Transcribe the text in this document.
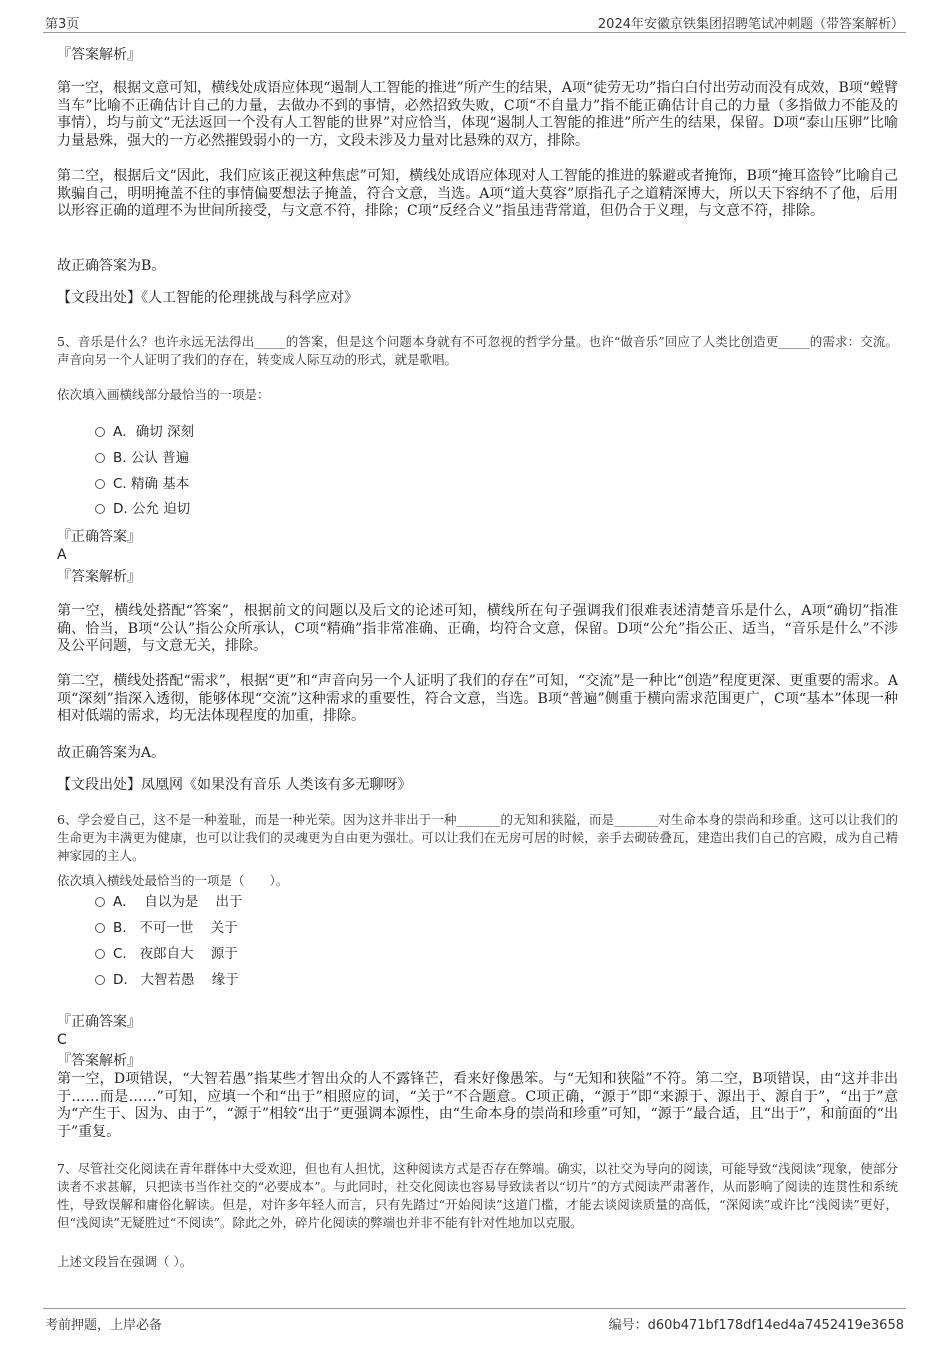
第3页	2024年安徽京铁集团招聘笔试冲刺题（带答案解析）
『答案解析』

第一空，根据文意可知，横线处成语应体现“遏制人工智能的推进”所产生的结果，A项“徒劳无功”指白白付出劳动而没有成效，B项“螳臂当车”比喻不正确估计自己的力量，去做办不到的事情，必然招致失败，C项“不自量力”指不能正确估计自己的力量（多指做力不能及的事情），均与前文“无法返回一个没有人工智能的世界”对应恰当，体现“遏制人工智能的推进”所产生的结果，保留。D项“泰山压卵”比喻力量悬殊，强大的一方必然摧毁弱小的一方，文段未涉及力量对比悬殊的双方，排除。

第二空，根据后文“因此，我们应该正视这种焦虑”可知，横线处成语应体现对人工智能的推进的躲避或者掩饰，B项“掩耳盗铃”比喻自己欺骗自己，明明掩盖不住的事情偏要想法子掩盖，符合文意，当选。A项“道大莫容”原指孔子之道精深博大，所以天下容纳不了他，后用以形容正确的道理不为世间所接受，与文意不符，排除；C项“反经合义”指虽违背常道，但仍合于义理，与文意不符，排除。

故正确答案为B。
【文段出处】《人工智能的伦理挑战与科学应对》

5、音乐是什么？也许永远无法得出_____的答案，但是这个问题本身就有不可忽视的哲学分量。也许“做音乐”回应了人类比创造更_____的需求：交流。声音向另一个人证明了我们的存在，转变成人际互动的形式，就是歌唱。

依次填入画横线部分最恰当的一项是：
A．确切 深刻
B. 公认 普遍
C. 精确 基本
D. 公允 迫切
『正确答案』
A
『答案解析』

第一空，横线处搭配“答案”，根据前文的问题以及后文的论述可知，横线所在句子强调我们很难表述清楚音乐是什么，A项“确切”指准确、恰当，B项“公认”指公众所承认，C项“精确”指非常准确、正确，均符合文意，保留。D项“公允”指公正、适当，“音乐是什么”不涉及公平问题，与文意无关，排除。

第二空，横线处搭配“需求”，根据“更”和“声音向另一个人证明了我们的存在”可知，“交流”是一种比“创造”程度更深、更重要的需求。A项“深刻”指深入透彻，能够体现“交流”这种需求的重要性，符合文意，当选。B项“普遍”侧重于横向需求范围更广，C项“基本”体现一种相对低端的需求，均无法体现程度的加重，排除。

故正确答案为A。
【文段出处】凤凰网《如果没有音乐 人类该有多无聊呀》

6、学会爱自己，这不是一种羞耻，而是一种光荣。因为这并非出于一种_______的无知和狭隘，而是_______对生命本身的崇尚和珍重。这可以让我们的生命更为丰满更为健康，也可以让我们的灵魂更为自由更为强壮。可以让我们在无房可居的时候，亲手去砌砖叠瓦，建造出我们自己的宫殿，成为自己精神家园的主人。

依次填入横线处最恰当的一项是（　　）。
A．  自以为是    出于
B.   不可一世    关于
C.   夜郎自大    源于
D.   大智若愚    缘于
『正确答案』
C
『答案解析』

第一空，D项错误，“大智若愚”指某些才智出众的人不露锋芒，看来好像愚笨。与“无知和狭隘”不符。第二空，B项错误，由“这并非出于……而是……”可知，应填一个和“出于”相照应的词，“关于”不合题意。C项正确，“源于”即“来源于、源出于、源自于”，“出于”意为“产生于、因为、由于”，“源于”相较“出于”更强调本源性，由“生命本身的崇尚和珍重”可知，“源于”最合适，且“出于”，和前面的“出于”重复。

7、尽管社交化阅读在青年群体中大受欢迎，但也有人担忧，这种阅读方式是否存在弊端。确实，以社交为导向的阅读，可能导致“浅阅读”现象，使部分读者不求甚解，只把读书当作社交的“必要成本”。与此同时，社交化阅读也容易导致读者以“切片”的方式阅读严肃著作，从而影响了阅读的连贯性和系统性，导致误解和庸俗化解读。但是，对许多年轻人而言，只有先踏过“开始阅读”这道门槛，才能去谈阅读质量的高低，“深阅读”或许比“浅阅读”更好，但“浅阅读”无疑胜过“不阅读”。除此之外，碎片化阅读的弊端也并非不能有针对性地加以克服。

上述文段旨在强调（ ）。
考前押题，上岸必备	编号：d60b471bf178df14ed4a7452419e3658
